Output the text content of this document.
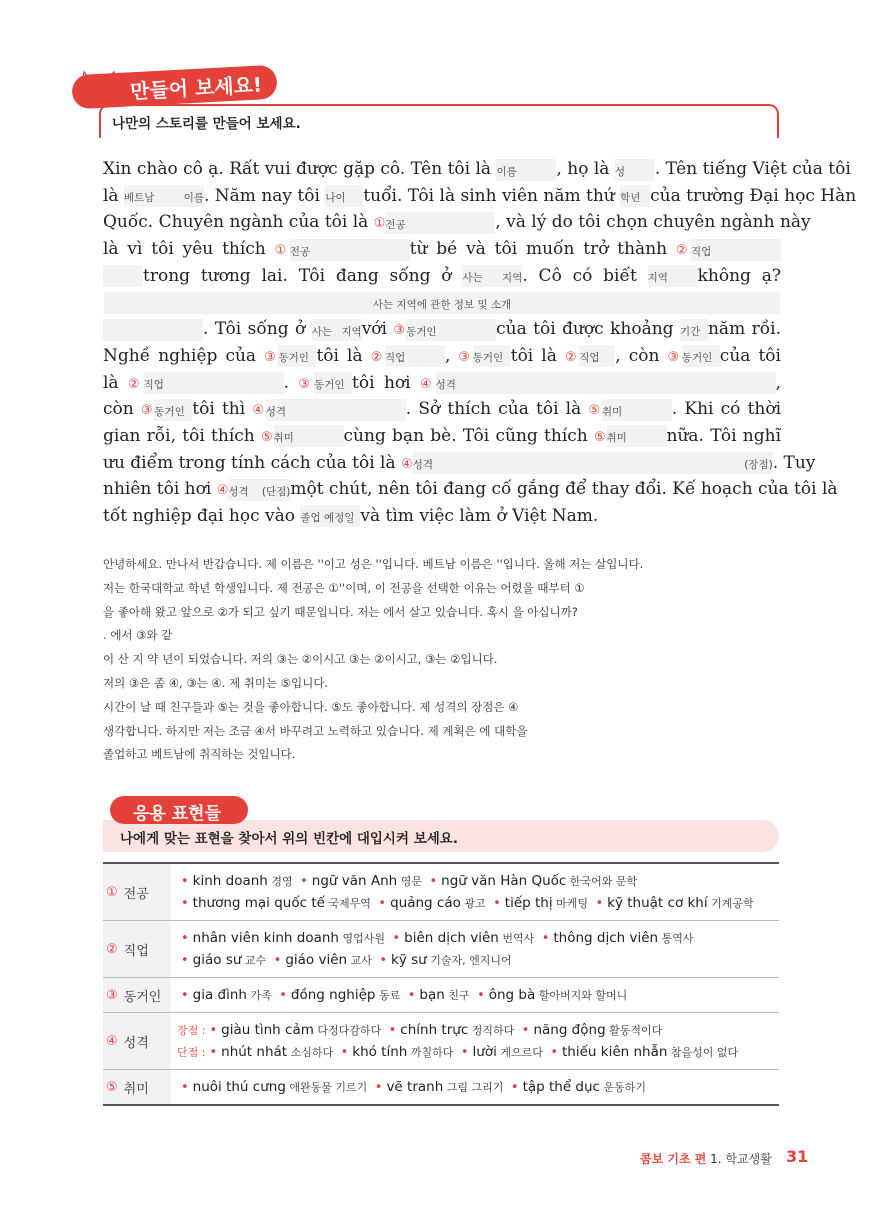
만들어 보세요!
나만의 스토리를 만들어 보세요.
Xin chào cô ạ. Rất vui được gặp cô. Tên tôi là 이름 , họ là 성 . Tên tiếng Việt của tôi
là 베트남 이름. Năm nay tôi 나이 tuổi. Tôi là sinh viên năm thứ 학년 của trường Đại học Hàn
Quốc. Chuyên ngành của tôi là ①전공	, và lý do tôi chọn chuyên ngành này
là vì tôi yêu thích ①전공	từ bé và tôi muốn trở thành ②직업
trong tương lai. Tôi đang sống ở 사는 지역. Cô có biết 지역 không ạ?
사는 지역에 관한 정보 및 소개
. Tôi sống ở 사는 지역với ③동거인	của tôi được khoảng 기간 năm rồi.
Nghề nghiệp của ③동거인 tôi là ②직업 , ③동거인 tôi là ②직업 , còn ③동거인 của tôi
là ②직업	. ③동거인 tôi hơi ④성격	,
còn ③동거인 tôi thì ④성격	. Sở thích của tôi là ⑤취미	. Khi có thời
gian rỗi, tôi thích ⑤취미	cùng bạn bè. Tôi cũng thích ⑤취미 nữa. Tôi nghĩ
ưu điểm trong tính cách của tôi là ④성격 (장점). Tuy
nhiên tôi hơi ④성격 (단점)một chút, nên tôi đang cố gắng để thay đổi. Kế hoạch của tôi là
tốt nghiệp đại học vào 졸업 예정일 và tìm việc làm ở Việt Nam.
안녕하세요. 만나서 반갑습니다. 제 이름은 ''이고 성은 ''입니다. 베트남 이름은 ''입니다. 올해 저는 살입니다.
저는 한국대학교 학년 학생입니다. 제 전공은 ①''이며, 이 전공을 선택한 이유는 어렸을 때부터 ①
을 좋아해 왔고 앞으로 ②가 되고 싶기 때문입니다. 저는 에서 살고 있습니다. 혹시 을 아십니까?
. 에서 ③와 같
이 산 지 약 년이 되었습니다. 저의 ③는 ②이시고 ③는 ②이시고, ③는 ②입니다.
저의 ③은 좀 ④, ③는 ④. 제 취미는 ⑤입니다.
시간이 날 때 친구들과 ⑤는 것을 좋아합니다. ⑤도 좋아합니다. 제 성격의 장점은 ④
생각합니다. 하지만 저는 조금 ④서 바꾸려고 노력하고 있습니다. 제 계획은 에 대학을
졸업하고 베트남에 취직하는 것입니다.
응용 표현들
나에게 맞는 표현을 찾아서 위의 빈칸에 대입시켜 보세요.
① 전공
• kinh doanh 경영 • ngữ văn Anh 영문 • ngữ văn Hàn Quốc 한국어와 문학
• thương mại quốc tế 국제무역 • quảng cáo 광고 • tiếp thị 마케팅 • kỹ thuật cơ khí 기계공학
② 직업
• nhân viên kinh doanh 영업사원 • biên dịch viên 번역사 • thông dịch viên 통역사
• giáo sư 교수 • giáo viên 교사 • kỹ sư 기술자, 엔지니어
③ 동거인	• gia đình 가족 • đồng nghiệp 동료 • bạn 친구 • ông bà 할아버지와 할머니
④ 성격
장점 : • giàu tình cảm 다정다감하다 • chính trực 정직하다 • năng động 활동적이다
단점 : • nhút nhát 소심하다 • khó tính 까칠하다 • lười 게으르다 • thiếu kiên nhẫn 참을성이 없다
⑤ 취미	• nuôi thú cưng 애완동물 기르기 • vẽ tranh 그림 그리기 • tập thể dục 운동하기
콤보 기초 편 1. 학교생활 31
